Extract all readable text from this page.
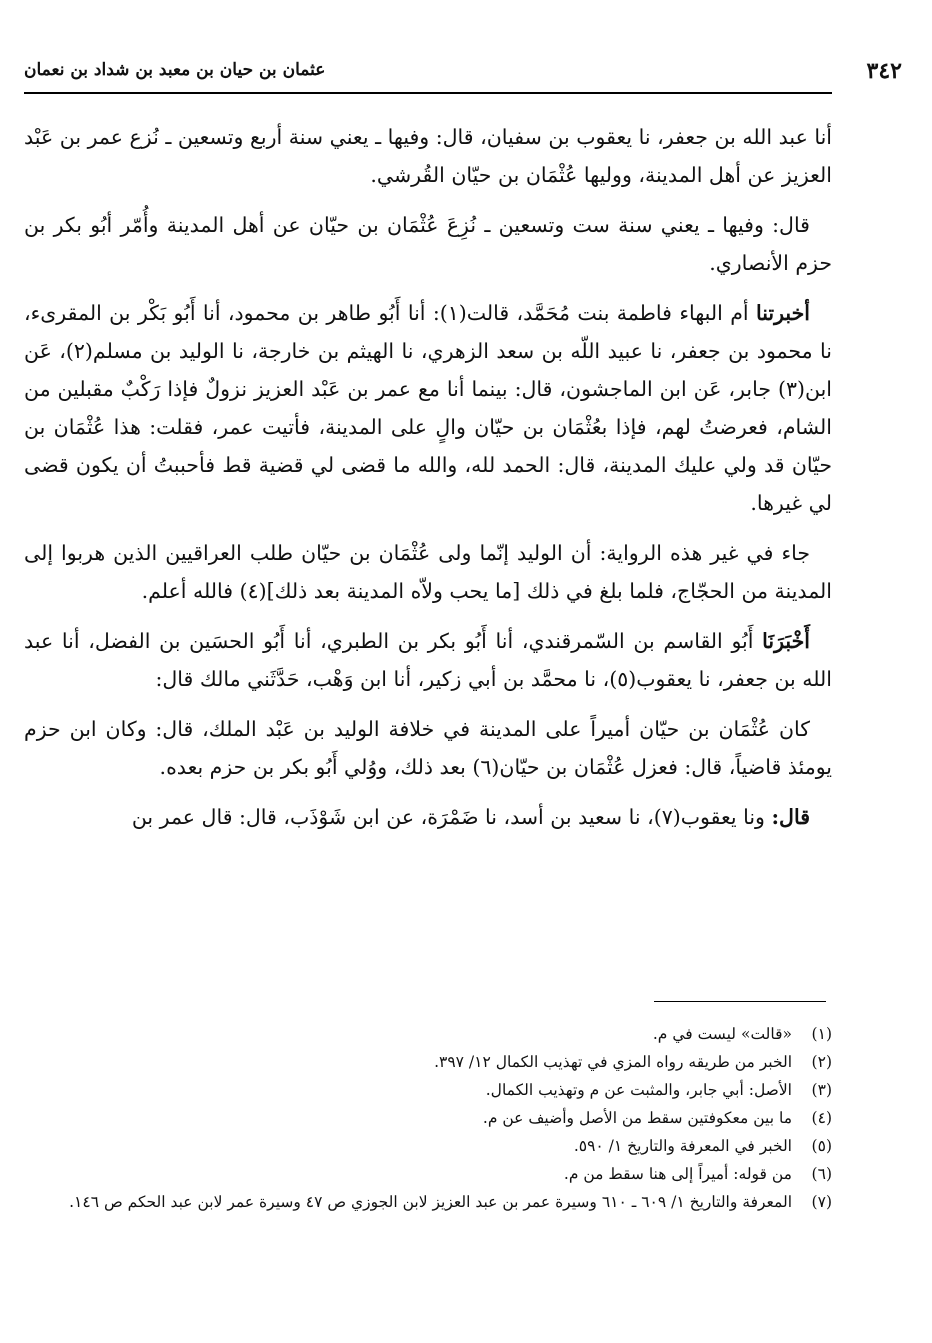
٣٤٢
عثمان بن حيان بن معبد بن شداد بن نعمان

أنا عبد الله بن جعفر، نا يعقوب بن سفيان، قال: وفيها ـ يعني سنة أربع وتسعين ـ نُزع عمر بن عَبْد العزيز عن أهل المدينة، ووليها عُثْمَان بن حيّان القُرشي.

قال: وفيها ـ يعني سنة ست وتسعين ـ نُزِعَ عُثْمَان بن حيّان عن أهل المدينة وأُمّر أبُو بكر بن حزم الأنصاري.

أخبرتنا أم البهاء فاطمة بنت مُحَمَّد، قالت(١): أنا أَبُو طاهر بن محمود، أنا أَبُو بَكْر بن المقرىء، نا محمود بن جعفر، نا عبيد اللّه بن سعد الزهري، نا الهيثم بن خارجة، نا الوليد بن مسلم(٢)، عَن ابن(٣) جابر، عَن ابن الماجشون، قال: بينما أنا مع عمر بن عَبْد العزيز نزولٌ فإذا رَكْبٌ مقبلين من الشام، فعرضتُ لهم، فإذا بعُثْمَان بن حيّان والٍ على المدينة، فأتيت عمر، فقلت: هذا عُثْمَان بن حيّان قد ولي عليك المدينة، قال: الحمد لله، والله ما قضى لي قضية قط فأحببتُ أن يكون قضى لي غيرها.

جاء في غير هذه الرواية: أن الوليد إنّما ولى عُثْمَان بن حيّان طلب العراقيين الذين هربوا إلى المدينة من الحجّاج، فلما بلغ في ذلك [ما يحب ولاّه المدينة بعد ذلك](٤) فالله أعلم.

أَخْبَرَنَا أَبُو القاسم بن السّمرقندي، أنا أَبُو بكر بن الطبري، أنا أَبُو الحسَين بن الفضل، أنا عبد الله بن جعفر، نا يعقوب(٥)، نا محمَّد بن أبي زكير، أنا ابن وَهْب، حَدَّثَني مالك قال:

كان عُثْمَان بن حيّان أميراً على المدينة في خلافة الوليد بن عَبْد الملك، قال: وكان ابن حزم يومئذ قاضياً، قال: فعزل عُثْمَان بن حيّان(٦) بعد ذلك، ووُلي أَبُو بكر بن حزم بعده.

قال: ونا يعقوب(٧)، نا سعيد بن أسد، نا ضَمْرَة، عن ابن شَوْذَب، قال: قال عمر بن

(١)
«قالت» ليست في م.
(٢)
الخبر من طريقه رواه المزي في تهذيب الكمال ١٢/ ٣٩٧.
(٣)
الأصل: أبي جابر، والمثبت عن م وتهذيب الكمال.
(٤)
ما بين معكوفتين سقط من الأصل وأضيف عن م.
(٥)
الخبر في المعرفة والتاريخ ١/ ٥٩٠.
(٦)
من قوله: أميراً إلى هنا سقط من م.
(٧)
المعرفة والتاريخ ١/ ٦٠٩ ـ ٦١٠ وسيرة عمر بن عبد العزيز لابن الجوزي ص ٤٧ وسيرة عمر لابن عبد الحكم ص ١٤٦.
